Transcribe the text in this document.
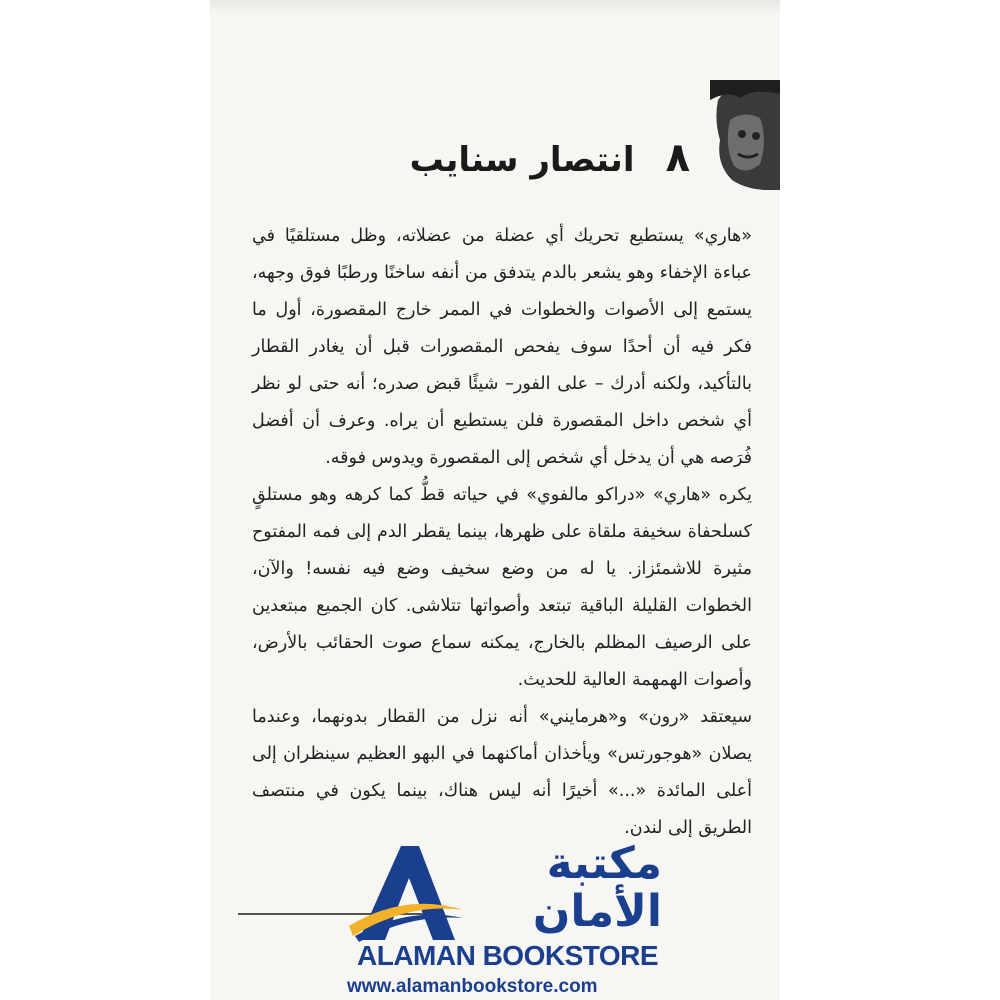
٨ انتصار سنايب

«هاري» يستطيع تحريك أي عضلة من عضلاته، وظل مستلقيًا في عباءة الإخفاء وهو يشعر بالدم يتدفق من أنفه ساخنًا ورطبًا فوق وجهه، يستمع إلى الأصوات والخطوات في الممر خارج المقصورة، أول ما فكر فيه أن أحدًا سوف يفحص المقصورات قبل أن يغادر القطار بالتأكيد، ولكنه أدرك – على الفور– شيئًا قبض صدره؛ أنه حتى لو نظر أي شخص داخل المقصورة فلن يستطيع أن يراه. وعرف أن أفضل فُرَصه هي أن يدخل أي شخص إلى المقصورة ويدوس فوقه.

يكره «هاري» «دراكو مالفوي» في حياته قطُّ كما كرهه وهو مستلقٍ كسلحفاة سخيفة ملقاة على ظهرها، بينما يقطر الدم إلى فمه المفتوح مثيرة للاشمئزاز. يا له من وضع سخيف وضع فيه نفسه! والآن، الخطوات القليلة الباقية تبتعد وأصواتها تتلاشى. كان الجميع مبتعدين على الرصيف المظلم بالخارج، يمكنه سماع صوت الحقائب بالأرض، وأصوات الهمهمة العالية للحديث.

سيعتقد «رون» و«هرمايني» أنه نزل من القطار بدونهما، وعندما يصلان «هوجورتس» ويأخذان أماكنهما في البهو العظيم سينظران إلى أعلى المائدة «...» أخيرًا أنه ليس هناك، بينما يكون في منتصف الطريق إلى لندن.

مكتبة
الأمان
ALAMAN BOOKSTORE
www.alamanbookstore.com
